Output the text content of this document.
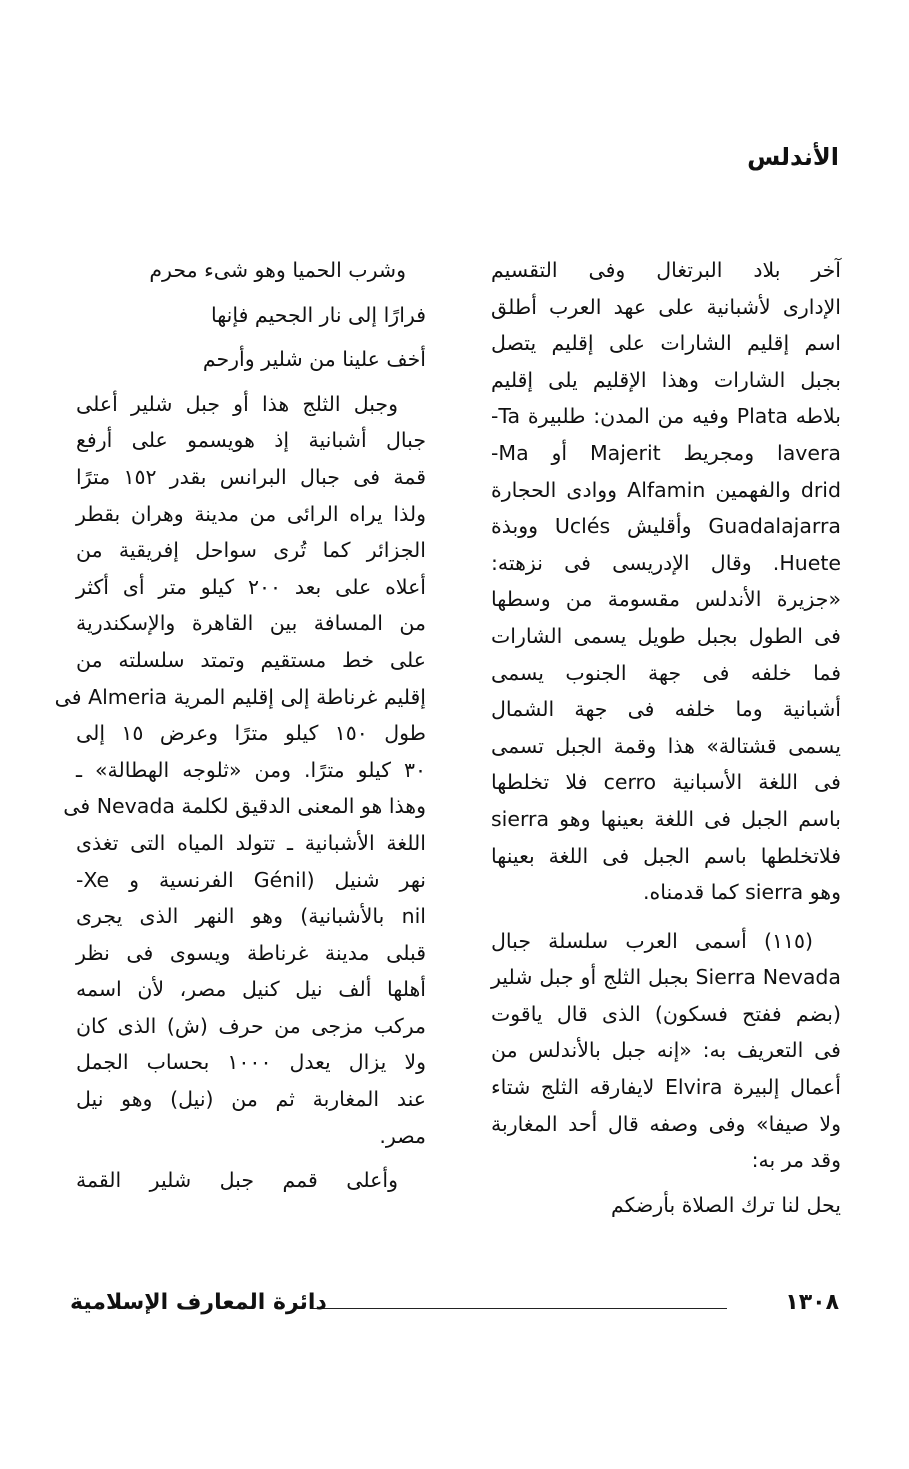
الأندلس
آخر بلاد البرتغال وفى التقسيم
الإدارى لأشبانية على عهد العرب أطلق
اسم إقليم الشارات على إقليم يتصل
بجبل الشارات وهذا الإقليم يلى إقليم
بلاطه Plata وفيه من المدن: طلبيرة Ta-
lavera ومجريط Majerit أو Ma-
drid والفهمين Alfamin ووادى الحجارة
Guadalajarra وأقليش Uclés ووبذة
Huete. وقال الإدريسى فى نزهته:
«جزيرة الأندلس مقسومة من وسطها
فى الطول بجبل طويل يسمى الشارات
فما خلفه فى جهة الجنوب يسمى
أشبانية وما خلفه فى جهة الشمال
يسمى قشتالة» هذا وقمة الجبل تسمى
فى اللغة الأسبانية cerro فلا تخلطها
باسم الجبل فى اللغة بعينها وهو sierra
فلاتخلطها باسم الجبل فى اللغة بعينها
وهو sierra كما قدمناه.
(١١٥) أسمى العرب سلسلة جبال
Sierra Nevada بجبل الثلج أو جبل شلير
(بضم ففتح فسكون) الذى قال ياقوت
فى التعريف به: «إنه جبل بالأندلس من
أعمال إلبيرة Elvira لايفارقه الثلج شتاء
ولا صيفا» وفى وصفه قال أحد المغاربة
وقد مر به:
يحل لنا ترك الصلاة بأرضكم
وشرب الحميا وهو شىء محرم
فرارًا إلى نار الجحيم فإنها
أخف علينا من شلير وأرحم
وجبل الثلج هذا أو جبل شلير أعلى
جبال أشبانية إذ هويسمو على أرفع
قمة فى جبال البرانس بقدر ١٥٢ مترًا
ولذا يراه الرائى من مدينة وهران بقطر
الجزائر كما تُرى سواحل إفريقية من
أعلاه على بعد ٢٠٠ كيلو متر أى أكثر
من المسافة بين القاهرة والإسكندرية
على خط مستقيم وتمتد سلسلته من
إقليم غرناطة إلى إقليم المرية Almeria فى
طول ١٥٠ كيلو مترًا وعرض ١٥ إلى
٣٠ كيلو مترًا. ومن «ثلوجه الهطالة» ـ
وهذا هو المعنى الدقيق لكلمة Nevada فى
اللغة الأشبانية ـ تتولد المياه التى تغذى
نهر شنيل (Génil الفرنسية و Xe-
nil بالأشبانية) وهو النهر الذى يجرى
قبلى مدينة غرناطة ويسوى فى نظر
أهلها ألف نيل كنيل مصر، لأن اسمه
مركب مزجى من حرف (ش) الذى كان
ولا يزال يعدل ١٠٠٠ بحساب الجمل
عند المغاربة ثم من (نيل) وهو نيل
مصر.
وأعلى قمم جبل شلير القمة
١٣٠٨
دائرة المعارف الإسلامية
